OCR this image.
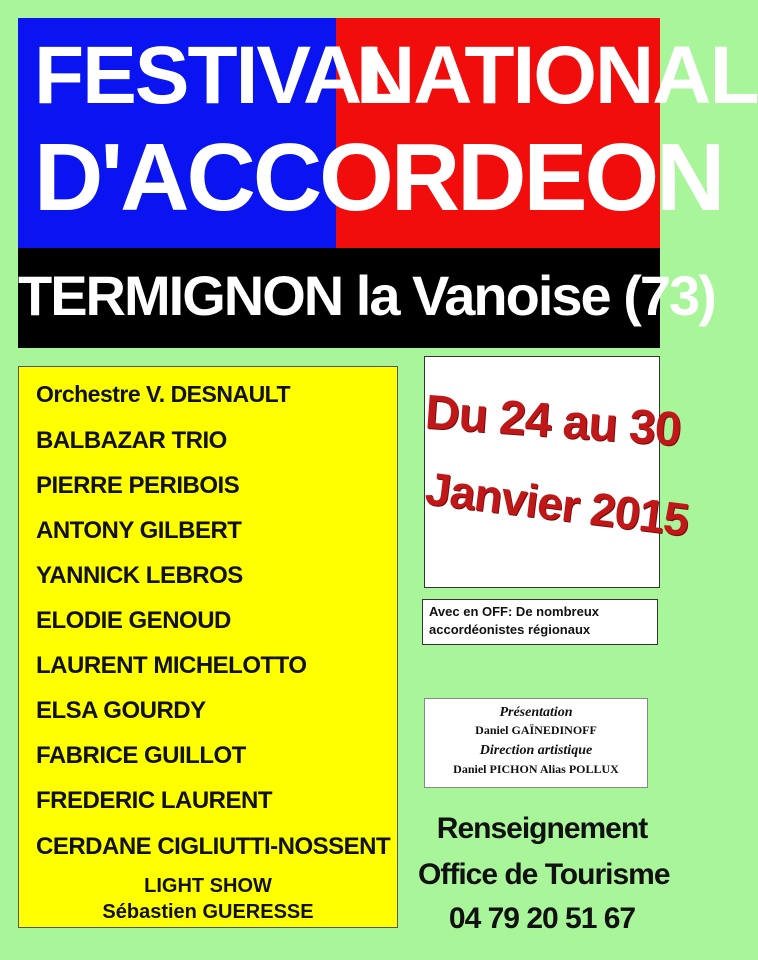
FESTIVAL
NATIONAL
D'ACCORDEON
TERMIGNON la Vanoise (73)
Orchestre V. DESNAULT
BALBAZAR TRIO
PIERRE PERIBOIS
ANTONY GILBERT
YANNICK LEBROS
ELODIE GENOUD
LAURENT MICHELOTTO
ELSA GOURDY
FABRICE GUILLOT
FREDERIC LAURENT
CERDANE CIGLIUTTI-NOSSENT
LIGHT SHOW
Sébastien GUERESSE
Du 24 au 30
Janvier 2015
Avec en OFF: De nombreux accordéonistes régionaux
Présentation
Daniel GAÏNEDINOFF
Direction artistique
Daniel PICHON Alias POLLUX
Renseignement
Office de Tourisme
04 79 20 51 67
